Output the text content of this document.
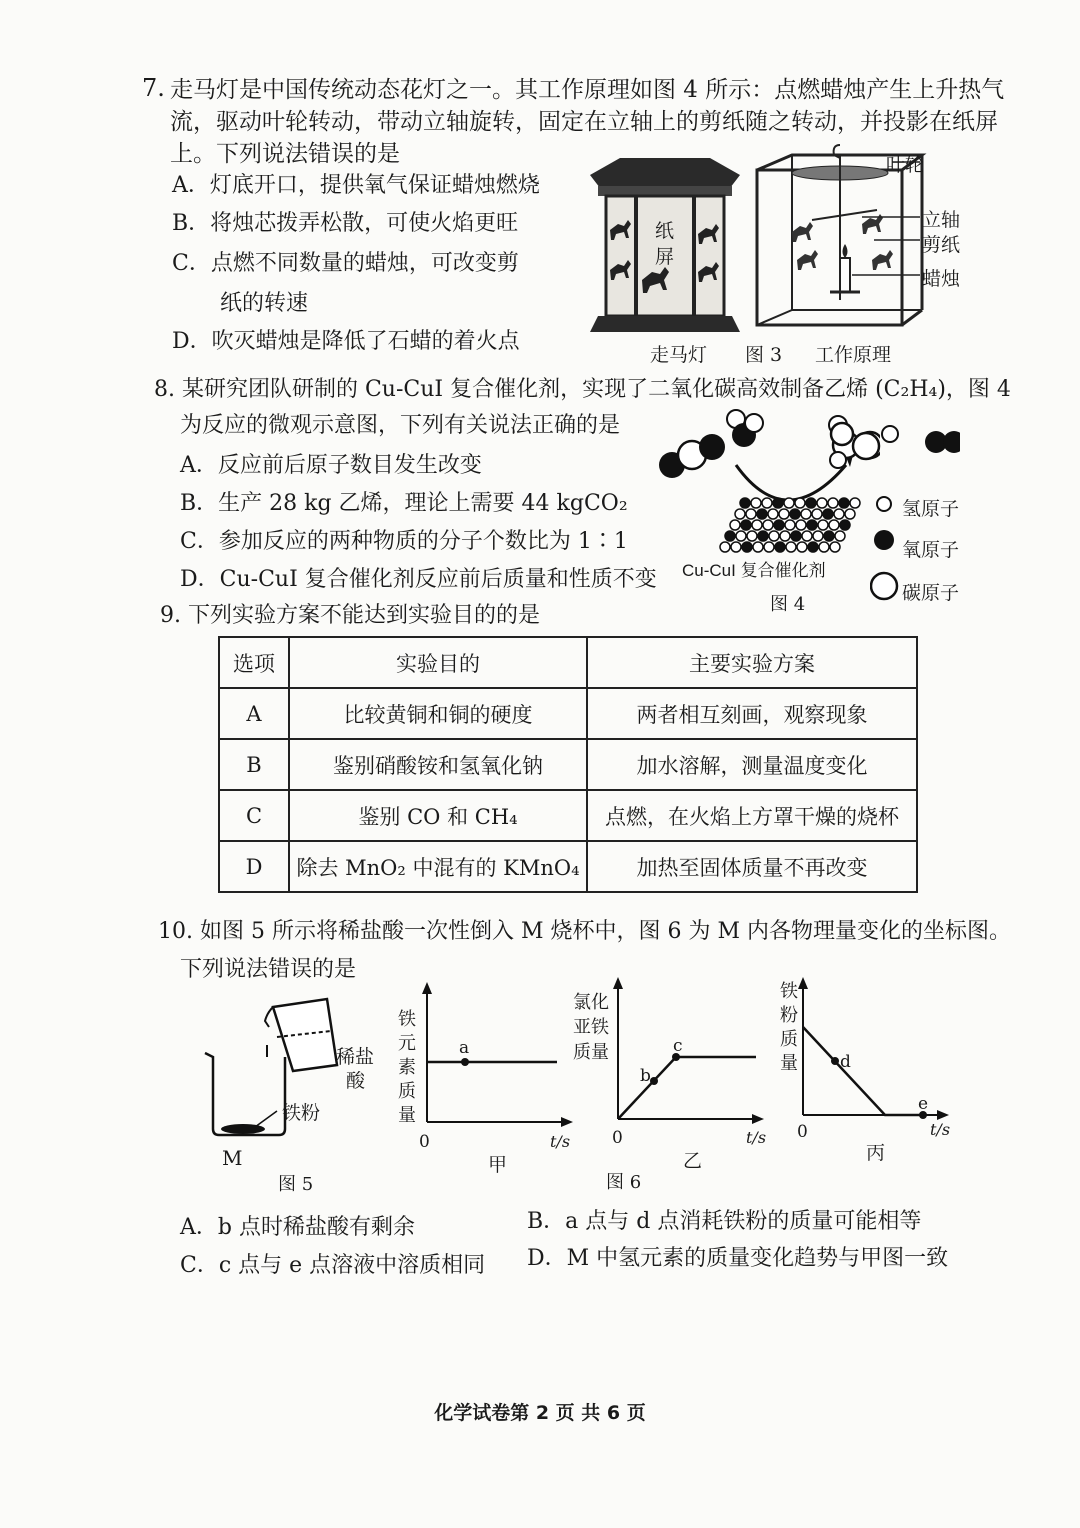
7. 走马灯是中国传统动态花灯之一。其工作原理如图 4 所示：点燃蜡烛产生上升热气
流，驱动叶轮转动，带动立轴旋转，固定在立轴上的剪纸随之转动，并投影在纸屏
上。下列说法错误的是
A．灯底开口，提供氧气保证蜡烛燃烧
B．将烛芯拨弄松散，可使火焰更旺
C．点燃不同数量的蜡烛，可改变剪
纸的转速
D．吹灭蜡烛是降低了石蜡的着火点
纸
屏
叶轮
立轴
剪纸
蜡烛
走马灯 图 3 工作原理
8. 某研究团队研制的 Cu-CuI 复合催化剂，实现了二氧化碳高效制备乙烯 (C₂H₄)，图 4
为反应的微观示意图，下列有关说法正确的是
A．反应前后原子数目发生改变
B．生产 28 kg 乙烯，理论上需要 44 kgCO₂
C．参加反应的两种物质的分子个数比为 1∶1
D．Cu-CuI 复合催化剂反应前后质量和性质不变 Cu-CuI 复合催化剂
图 4
氢原子
氧原子
碳原子
9. 下列实验方案不能达到实验目的的是
选项	实验目的	主要实验方案
A	比较黄铜和铜的硬度	两者相互刻画，观察现象
B	鉴别硝酸铵和氢氧化钠	加水溶解，测量温度变化
C	鉴别 CO 和 CH₄	点燃，在火焰上方罩干燥的烧杯
D	除去 MnO₂ 中混有的 KMnO₄	加热至固体质量不再改变
10. 如图 5 所示将稀盐酸一次性倒入 M 烧杯中，图 6 为 M 内各物理量变化的坐标图。
下列说法错误的是
稀盐
酸
铁粉
M
图 5
铁
元
素
质
量
a
0	t/s
甲
氯化
亚铁
质量
b
c
0	t/s
乙
图 6
铁
粉
质
量 d
e
0	t/s
丙
A．b 点时稀盐酸有剩余	B．a 点与 d 点消耗铁粉的质量可能相等
C．c 点与 e 点溶液中溶质相同 D．M 中氢元素的质量变化趋势与甲图一致
化学试卷第 2 页 共 6 页
